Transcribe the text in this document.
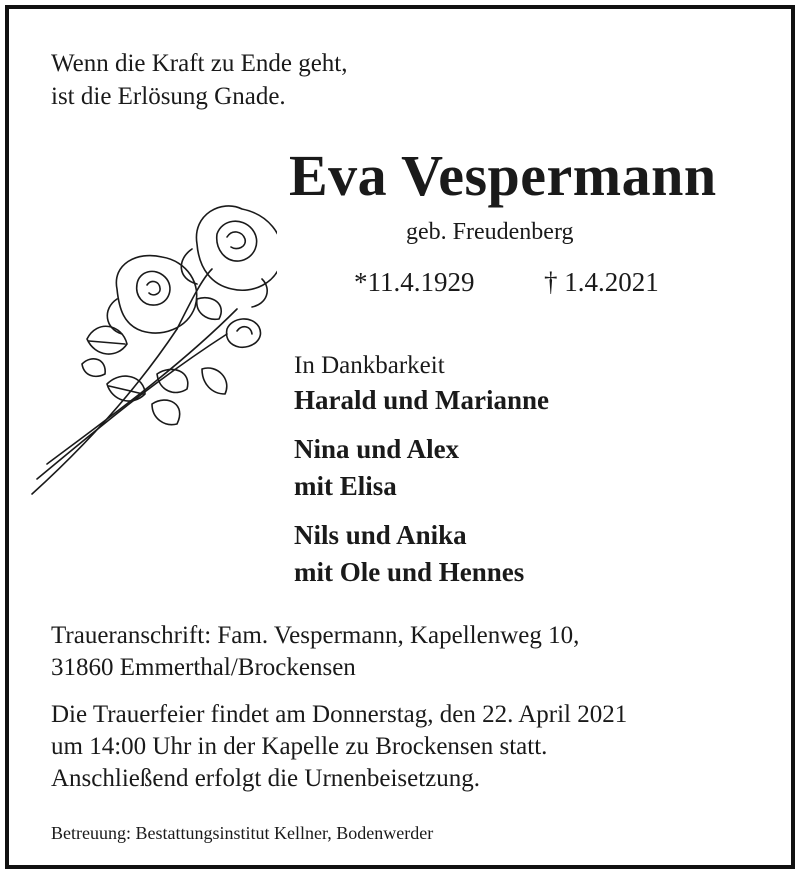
Wenn die Kraft zu Ende geht,
ist die Erlösung Gnade.
Eva Vespermann
geb. Freudenberg
*11.4.1929	† 1.4.2021
In Dankbarkeit
Harald und Marianne
Nina und Alex
mit Elisa
Nils und Anika
mit Ole und Hennes
Traueranschrift: Fam. Vespermann, Kapellenweg 10,
31860 Emmerthal/Brockensen
Die Trauerfeier findet am Donnerstag, den 22. April 2021
um 14:00 Uhr in der Kapelle zu Brockensen statt.
Anschließend erfolgt die Urnenbeisetzung.
Betreuung: Bestattungsinstitut Kellner, Bodenwerder
